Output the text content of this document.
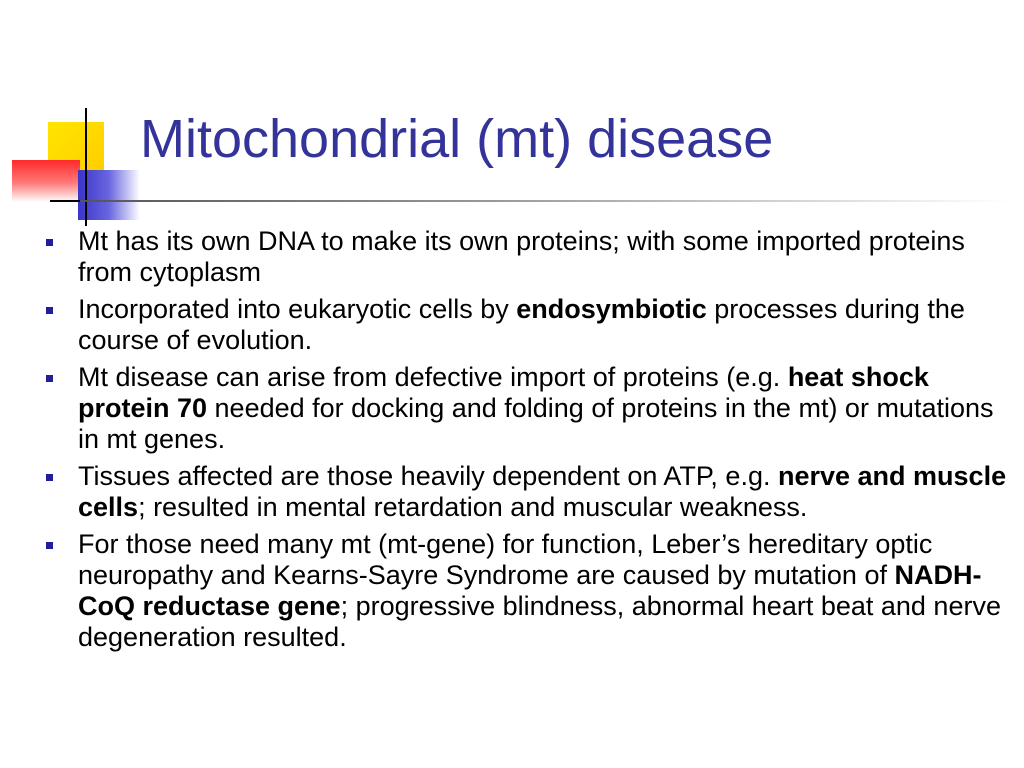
Mitochondrial (mt) disease
Mt has its own DNA to make its own proteins; with some imported proteins from cytoplasm
Incorporated into eukaryotic cells by endosymbiotic processes during the course of evolution.
Mt disease can arise from defective import of proteins (e.g. heat shock protein 70 needed for docking and folding of proteins in the mt) or mutations in mt genes.
Tissues affected are those heavily dependent on ATP, e.g. nerve and muscle cells; resulted in mental retardation and muscular weakness.
For those need many mt (mt-gene) for function, Leber’s hereditary optic neuropathy and Kearns-Sayre Syndrome are caused by mutation of NADH-CoQ reductase gene; progressive blindness, abnormal heart beat and nerve degeneration resulted.
